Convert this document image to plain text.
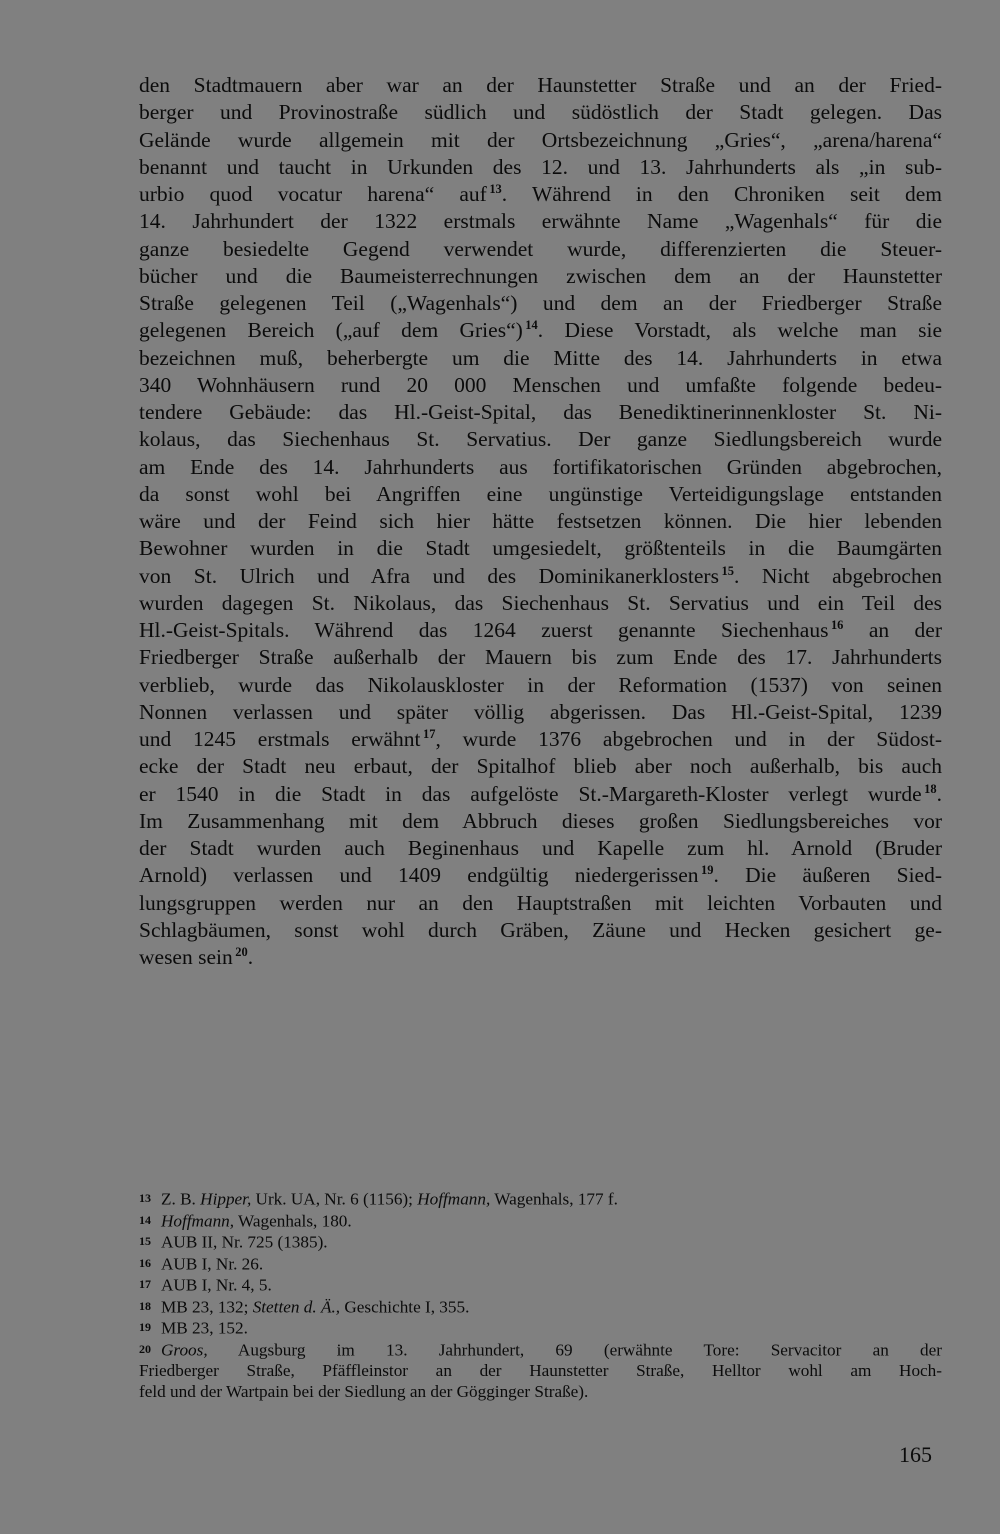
den Stadtmauern aber war an der Haunstetter Straße und an der Fried-
berger und Provinostraße südlich und südöstlich der Stadt gelegen. Das
Gelände wurde allgemein mit der Ortsbezeichnung „Gries“, „arena/harena“
benannt und taucht in Urkunden des 12. und 13. Jahrhunderts als „in sub-
urbio quod vocatur harena“ auf $^{13}$. Während in den Chroniken seit dem
14. Jahrhundert der 1322 erstmals erwähnte Name „Wagenhals“ für die
ganze besiedelte Gegend verwendet wurde, differenzierten die Steuer-
bücher und die Baumeisterrechnungen zwischen dem an der Haunstetter
Straße gelegenen Teil („Wagenhals“) und dem an der Friedberger Straße
gelegenen Bereich („auf dem Gries“) $^{14}$. Diese Vorstadt, als welche man sie
bezeichnen muß, beherbergte um die Mitte des 14. Jahrhunderts in etwa
340 Wohnhäusern rund 20 000 Menschen und umfaßte folgende bedeu-
tendere Gebäude: das Hl.-Geist-Spital, das Benediktinerinnenkloster St. Ni-
kolaus, das Siechenhaus St. Servatius. Der ganze Siedlungsbereich wurde
am Ende des 14. Jahrhunderts aus fortifikatorischen Gründen abgebrochen,
da sonst wohl bei Angriffen eine ungünstige Verteidigungslage entstanden
wäre und der Feind sich hier hätte festsetzen können. Die hier lebenden
Bewohner wurden in die Stadt umgesiedelt, größtenteils in die Baumgärten
von St. Ulrich und Afra und des Dominikanerklosters $^{15}$. Nicht abgebrochen
wurden dagegen St. Nikolaus, das Siechenhaus St. Servatius und ein Teil des
Hl.-Geist-Spitals. Während das 1264 zuerst genannte Siechenhaus $^{16}$ an der
Friedberger Straße außerhalb der Mauern bis zum Ende des 17. Jahrhunderts
verblieb, wurde das Nikolauskloster in der Reformation (1537) von seinen
Nonnen verlassen und später völlig abgerissen. Das Hl.-Geist-Spital, 1239
und 1245 erstmals erwähnt $^{17}$, wurde 1376 abgebrochen und in der Südost-
ecke der Stadt neu erbaut, der Spitalhof blieb aber noch außerhalb, bis auch
er 1540 in die Stadt in das aufgelöste St.-Margareth-Kloster verlegt wurde $^{18}$.
Im Zusammenhang mit dem Abbruch dieses großen Siedlungsbereiches vor
der Stadt wurden auch Beginenhaus und Kapelle zum hl. Arnold (Bruder
Arnold) verlassen und 1409 endgültig niedergerissen $^{19}$. Die äußeren Sied-
lungsgruppen werden nur an den Hauptstraßen mit leichten Vorbauten und
Schlagbäumen, sonst wohl durch Gräben, Zäune und Hecken gesichert ge-
wesen sein $^{20}$.
13 Z. B. Hipper, Urk. UA, Nr. 6 (1156); Hoffmann, Wagenhals, 177 f.
14 Hoffmann, Wagenhals, 180.
15 AUB II, Nr. 725 (1385).
16 AUB I, Nr. 26.
17 AUB I, Nr. 4, 5.
18 MB 23, 132; Stetten d. Ä., Geschichte I, 355.
19 MB 23, 152.
20 Groos, Augsburg im 13. Jahrhundert, 69 (erwähnte Tore: Servacitor an der
Friedberger Straße, Pfäffleinstor an der Haunstetter Straße, Helltor wohl am Hoch-
feld und der Wartpain bei der Siedlung an der Gögginger Straße).
165
